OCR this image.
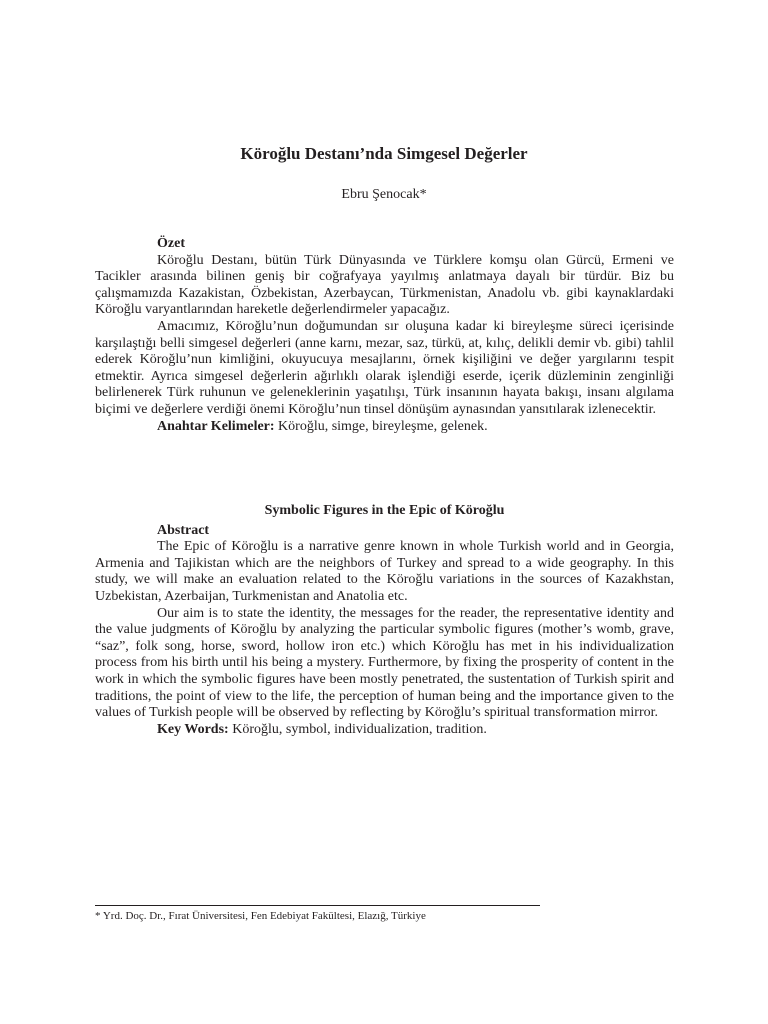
Köroğlu Destanı’nda Simgesel Değerler
Ebru Şenocak*
Özet

Köroğlu Destanı, bütün Türk Dünyasında ve Türklere komşu olan Gürcü, Ermeni ve Tacikler arasında bilinen geniş bir coğrafyaya yayılmış anlatmaya dayalı bir türdür. Biz bu çalışmamızda Kazakistan, Özbekistan, Azerbaycan, Türkmenistan, Anadolu vb. gibi kaynaklardaki Köroğlu varyantlarından hareketle değerlendirmeler yapacağız.

Amacımız, Köroğlu’nun doğumundan sır oluşuna kadar ki bireyleşme süreci içerisinde karşılaştığı belli simgesel değerleri (anne karnı, mezar, saz, türkü, at, kılıç, delikli demir vb. gibi) tahlil ederek Köroğlu’nun kimliğini, okuyucuya mesajlarını, örnek kişiliğini ve değer yargılarını tespit etmektir. Ayrıca simgesel değerlerin ağırlıklı olarak işlendiği eserde, içerik düzleminin zenginliği belirlenerek Türk ruhunun ve geleneklerinin yaşatılışı, Türk insanının hayata bakışı, insanı algılama biçimi ve değerlere verdiği önemi Köroğlu’nun tinsel dönüşüm aynasından yansıtılarak izlenecektir.

Anahtar Kelimeler: Köroğlu, simge, bireyleşme, gelenek.
Symbolic Figures in the Epic of Köroğlu
Abstract

The Epic of Köroğlu is a narrative genre known in whole Turkish world and in Georgia, Armenia and Tajikistan which are the neighbors of Turkey and spread to a wide geography. In this study, we will make an evaluation related to the Köroğlu variations in the sources of Kazakhstan, Uzbekistan, Azerbaijan, Turkmenistan and Anatolia etc.

Our aim is to state the identity, the messages for the reader, the representative identity and the value judgments of Köroğlu by analyzing the particular symbolic figures (mother’s womb, grave, “saz”, folk song, horse, sword, hollow iron etc.) which Köroğlu has met in his individualization process from his birth until his being a mystery. Furthermore, by fixing the prosperity of content in the work in which the symbolic figures have been mostly penetrated, the sustentation of Turkish spirit and traditions, the point of view to the life, the perception of human being and the importance given to the values of Turkish people will be observed by reflecting by Köroğlu’s spiritual transformation mirror.

Key Words: Köroğlu, symbol, individualization, tradition.
* Yrd. Doç. Dr., Fırat Üniversitesi, Fen Edebiyat Fakültesi, Elazığ, Türkiye
